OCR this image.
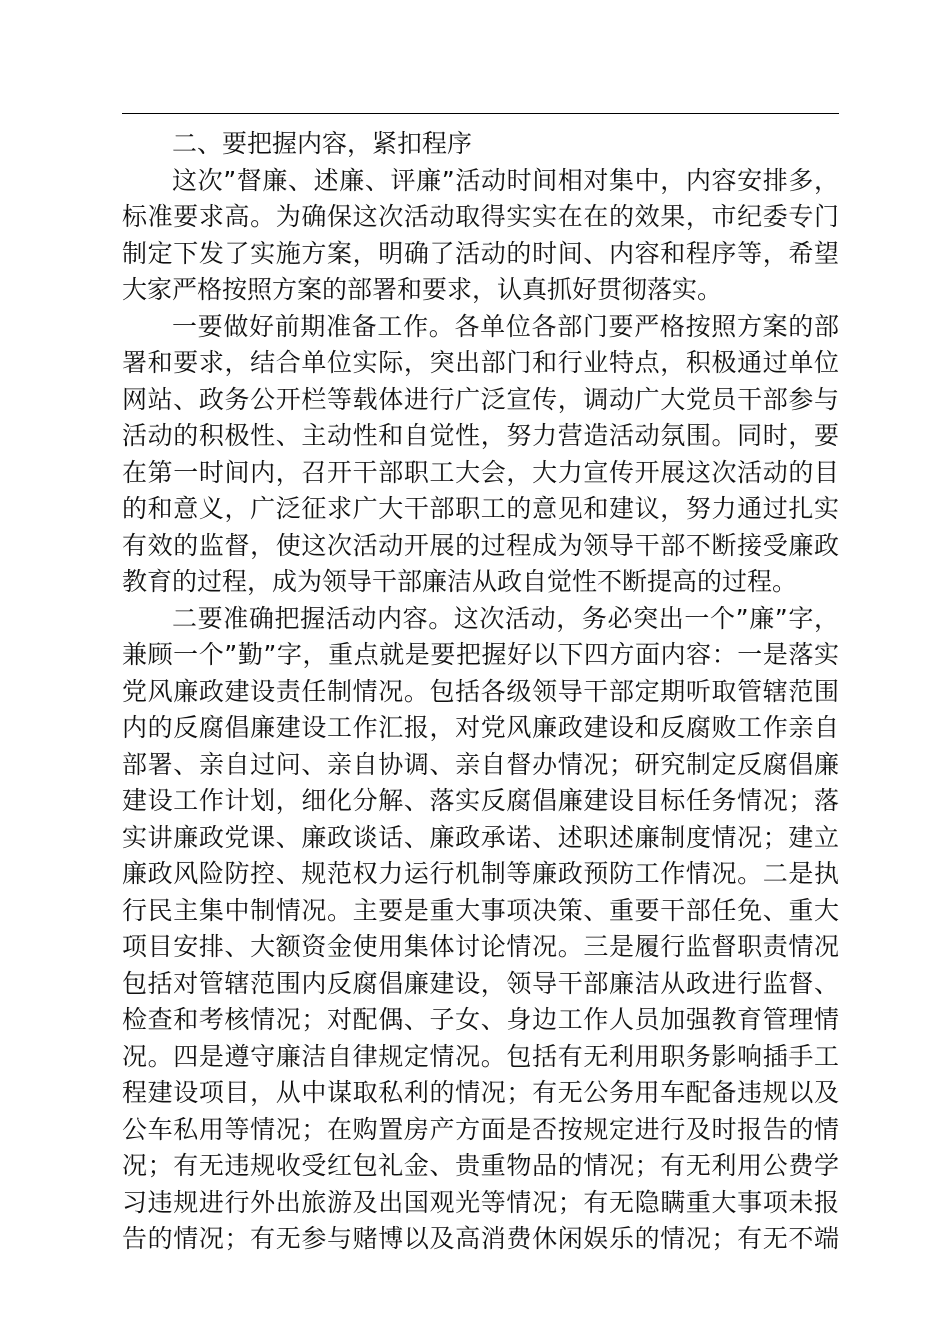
二、要把握内容，紧扣程序
这次”督廉、述廉、评廉”活动时间相对集中，内容安排多，
标准要求高。为确保这次活动取得实实在在的效果，市纪委专门
制定下发了实施方案，明确了活动的时间、内容和程序等，希望
大家严格按照方案的部署和要求，认真抓好贯彻落实。
一要做好前期准备工作。各单位各部门要严格按照方案的部
署和要求，结合单位实际，突出部门和行业特点，积极通过单位
网站、政务公开栏等载体进行广泛宣传，调动广大党员干部参与
活动的积极性、主动性和自觉性，努力营造活动氛围。同时，要
在第一时间内，召开干部职工大会，大力宣传开展这次活动的目
的和意义，广泛征求广大干部职工的意见和建议，努力通过扎实
有效的监督，使这次活动开展的过程成为领导干部不断接受廉政
教育的过程，成为领导干部廉洁从政自觉性不断提高的过程。
二要准确把握活动内容。这次活动，务必突出一个”廉”字，
兼顾一个”勤”字，重点就是要把握好以下四方面内容：一是落实
党风廉政建设责任制情况。包括各级领导干部定期听取管辖范围
内的反腐倡廉建设工作汇报，对党风廉政建设和反腐败工作亲自
部署、亲自过问、亲自协调、亲自督办情况；研究制定反腐倡廉
建设工作计划，细化分解、落实反腐倡廉建设目标任务情况；落
实讲廉政党课、廉政谈话、廉政承诺、述职述廉制度情况；建立
廉政风险防控、规范权力运行机制等廉政预防工作情况。二是执
行民主集中制情况。主要是重大事项决策、重要干部任免、重大
项目安排、大额资金使用集体讨论情况。三是履行监督职责情况
包括对管辖范围内反腐倡廉建设，领导干部廉洁从政进行监督、
检查和考核情况；对配偶、子女、身边工作人员加强教育管理情
况。四是遵守廉洁自律规定情况。包括有无利用职务影响插手工
程建设项目，从中谋取私利的情况；有无公务用车配备违规以及
公车私用等情况；在购置房产方面是否按规定进行及时报告的情
况；有无违规收受红包礼金、贵重物品的情况；有无利用公费学
习违规进行外出旅游及出国观光等情况；有无隐瞒重大事项未报
告的情况；有无参与赌博以及高消费休闲娱乐的情况；有无不端
